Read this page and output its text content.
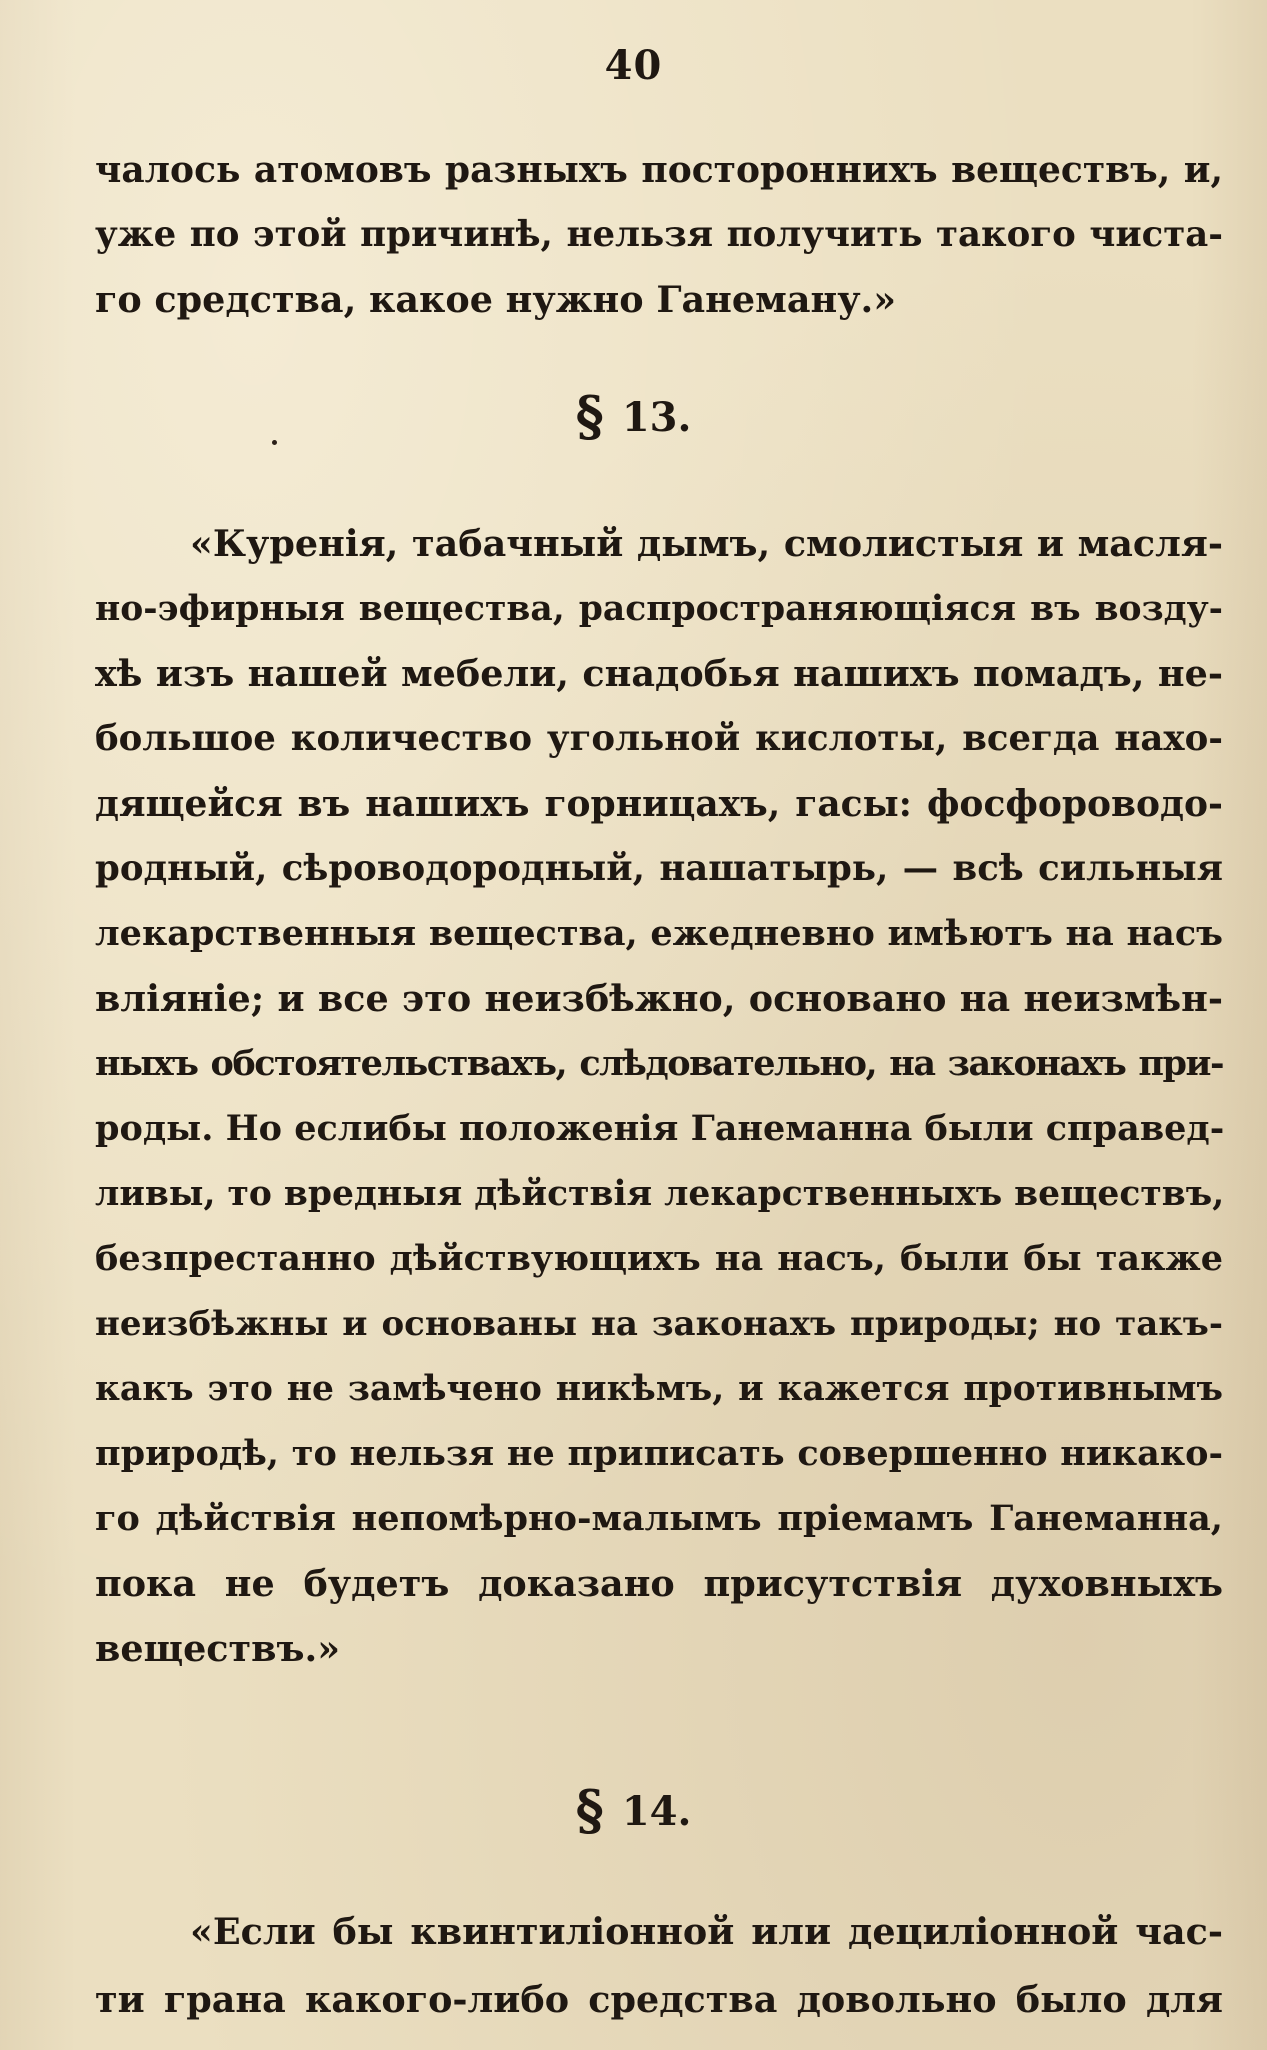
40
чалось атомовъ разныхъ постороннихъ веществъ, и,
уже по этой причинѣ, нельзя получить такого чиста-
го средства, какое нужно Ганеману.»
§ 13.
«Куренія, табачный дымъ, смолистыя и масля-
но-эфирныя вещества, распространяющіяся въ возду-
хѣ изъ нашей мебели, снадобья нашихъ помадъ, не-
большое количество угольной кислоты, всегда нахо-
дящейся въ нашихъ горницахъ, гасы: фосфороводо-
родный, сѣроводородный, нашатырь, — всѣ сильныя
лекарственныя вещества, ежедневно имѣютъ на насъ
вліяніе; и все это неизбѣжно, основано на неизмѣн-
ныхъ обстоятельствахъ, слѣдовательно, на законахъ при-
роды. Но еслибы положенія Ганеманна были справед-
ливы, то вредныя дѣйствія лекарственныхъ веществъ,
безпрестанно дѣйствующихъ на насъ, были бы также
неизбѣжны и основаны на законахъ природы; но такъ-
какъ это не замѣчено никѣмъ, и кажется противнымъ
природѣ, то нельзя не приписать совершенно никако-
го дѣйствія непомѣрно-малымъ пріемамъ Ганеманна,
пока не будетъ доказано присутствія духовныхъ
веществъ.»
§ 14.
«Если бы квинтиліонной или дециліонной час-
ти грана какого-либо средства довольно было для
